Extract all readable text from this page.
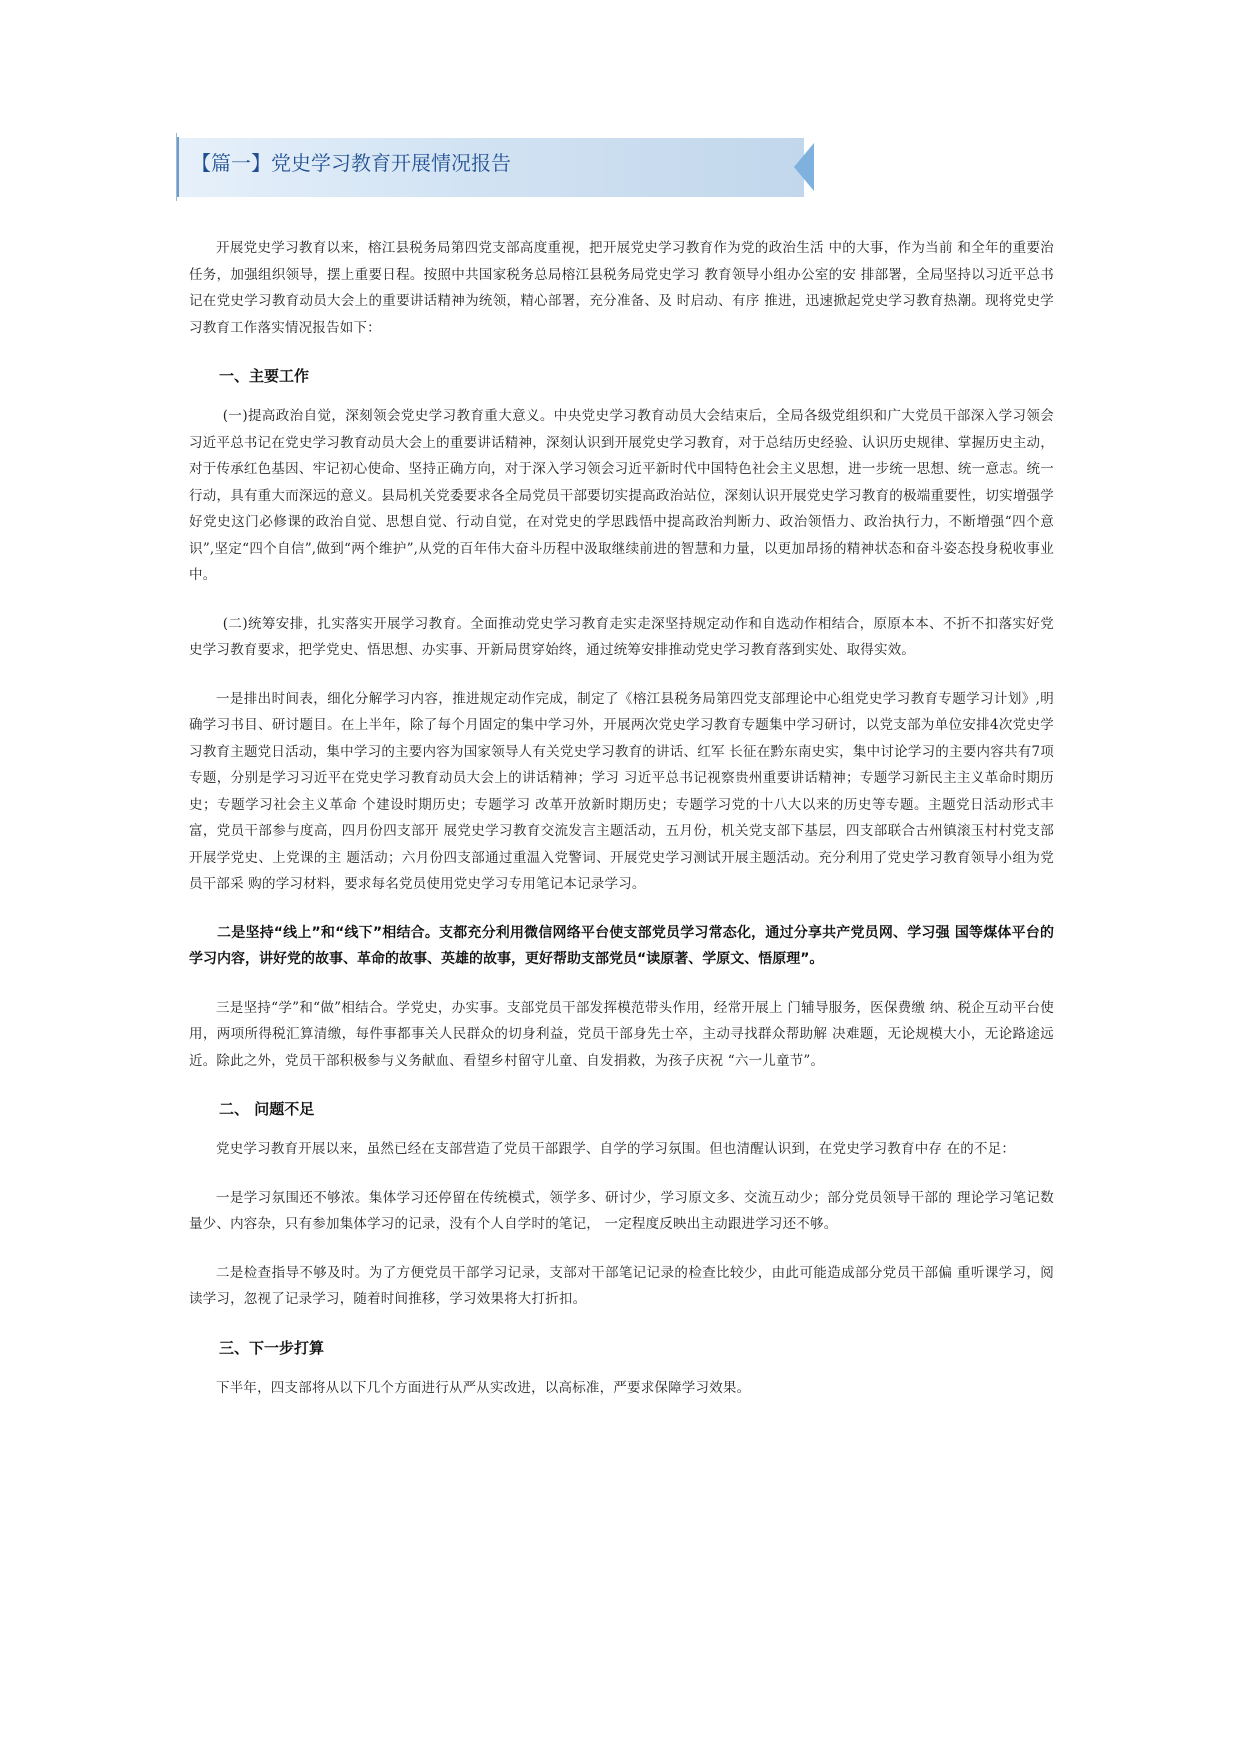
【篇一】党史学习教育开展情况报告

开展党史学习教育以来，榕江县税务局第四党支部高度重视，把开展党史学习教育作为党的政治生活 中的大事，作为当前 和全年的重要治任务，加强组织领导，摆上重要日程。按照中共国家税务总局榕江县税务局党史学习 教育领导小组办公室的安 排部署，全局坚持以习近平总书记在党史学习教育动员大会上的重要讲话精神为统领，精心部署，充分准备、及 时启动、有序 推进，迅速掀起党史学习教育热潮。现将党史学习教育工作落实情况报告如下：

一、主要工作

(一)提高政治自觉，深刻领会党史学习教育重大意义。中央党史学习教育动员大会结束后，全局各级党组织和广大党员干部深入学习领会习近平总书记在党史学习教育动员大会上的重要讲话精神，深刻认识到开展党史学习教育，对于总结历史经验、认识历史规律、掌握历史主动，对于传承红色基因、牢记初心使命、坚持正确方向，对于深入学习领会习近平新时代中国特色社会主义思想，进一步统一思想、统一意志。统一行动，具有重大而深远的意义。县局机关党委要求各全局党员干部要切实提高政治站位，深刻认识开展党史学习教育的极端重要性，切实增强学好党史这门必修课的政治自觉、思想自觉、行动自觉，在对党史的学思践悟中提高政治判断力、政治领悟力、政治执行力，不断增强“四个意识”,坚定“四个自信”,做到“两个维护”,从党的百年伟大奋斗历程中汲取继续前进的智慧和力量，以更加昂扬的精神状态和奋斗姿态投身税收事业中。

(二)统筹安排，扎实落实开展学习教育。全面推动党史学习教育走实走深坚持规定动作和自选动作相结合，原原本本、不折不扣落实好党史学习教育要求，把学党史、悟思想、办实事、开新局贯穿始终，通过统筹安排推动党史学习教育落到实处、取得实效。

一是排出时间表，细化分解学习内容，推进规定动作完成，制定了《榕江县税务局第四党支部理论中心组党史学习教育专题学习计划》,明确学习书目、研讨题目。在上半年，除了每个月固定的集中学习外，开展两次党史学习教育专题集中学习研讨，以党支部为单位安排4次党史学习教育主题党日活动，集中学习的主要内容为国家领导人有关党史学习教育的讲话、红军 长征在黔东南史实，集中讨论学习的主要内容共有7项专题，分别是学习习近平在党史学习教育动员大会上的讲话精神；学习 习近平总书记视察贵州重要讲话精神；专题学习新民主主义革命时期历史；专题学习社会主义革命 个建设时期历史；专题学习 改革开放新时期历史；专题学习党的十八大以来的历史等专题。主题党日活动形式丰富，党员干部参与度高，四月份四支部开 展党史学习教育交流发言主题活动，五月份，机关党支部下基层，四支部联合古州镇滚玉村村党支部开展学党史、上党课的主 题活动；六月份四支部通过重温入党警词、开展党史学习测试开展主题活动。充分利用了党史学习教育领导小组为党员干部采 购的学习材料，要求每名党员使用党史学习专用笔记本记录学习。

二是坚持“线上”和“线下”相结合。支都充分利用微信网络平台使支部党员学习常态化，通过分享共产党员网、学习强 国等煤体平台的学习内容，讲好党的故事、革命的故事、英雄的故事，更好帮助支部党员“读原著、学原文、悟原理”。

三是坚持“学”和“做”相结合。学党史，办实事。支部党员干部发挥模范带头作用，经常开展上 门辅导服务，医保费缴 纳、税企互动平台使用，两项所得税汇算清缴，每件事都事关人民群众的切身利益，党员干部身先士卒，主动寻找群众帮助解 决难题，无论规模大小，无论路途远近。除此之外，党员干部积极参与义务献血、看望乡村留守儿童、自发捐救，为孩子庆祝 “六一儿童节”。

二、 问题不足

党史学习教育开展以来，虽然已经在支部营造了党员干部跟学、自学的学习氛围。但也清醒认识到，在党史学习教育中存 在的不足：

一是学习氛围还不够浓。集体学习还停留在传统模式，领学多、研讨少，学习原文多、交流互动少；部分党员领导干部的 理论学习笔记数量少、内容杂，只有参加集体学习的记录，没有个人自学时的笔记， 一定程度反映出主动跟进学习还不够。

二是检查指导不够及时。为了方便党员干部学习记录，支部对干部笔记记录的检查比较少，由此可能造成部分党员干部偏 重听课学习，阅读学习，忽视了记录学习，随着时间推移，学习效果将大打折扣。

三、下一步打算

下半年，四支部将从以下几个方面进行从严从实改进，以高标准，严要求保障学习效果。
